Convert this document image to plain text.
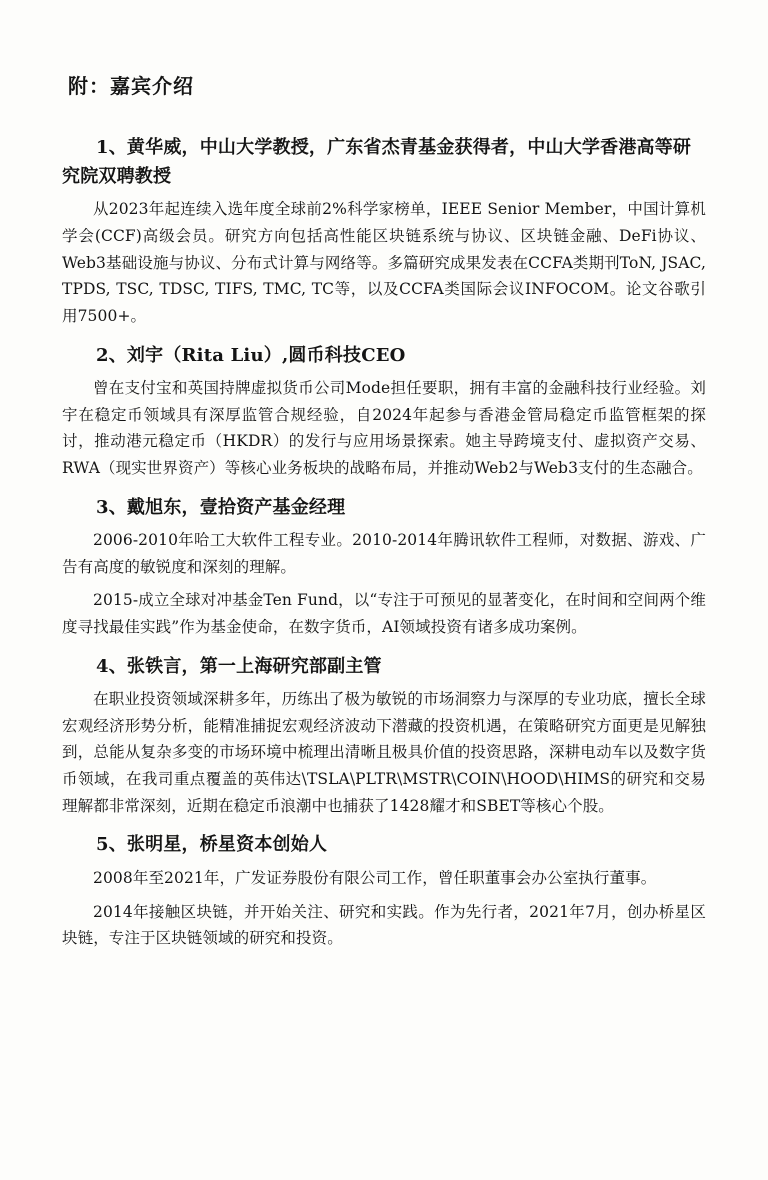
附：嘉宾介绍
1、黄华威，中山大学教授，广东省杰青基金获得者，中山大学香港高等研究院双聘教授

从2023年起连续入选年度全球前2%科学家榜单，IEEE Senior Member，中国计算机学会(CCF)高级会员。研究方向包括高性能区块链系统与协议、区块链金融、DeFi协议、Web3基础设施与协议、分布式计算与网络等。多篇研究成果发表在CCFA类期刊ToN, JSAC, TPDS, TSC, TDSC, TIFS, TMC, TC等，以及CCFA类国际会议INFOCOM。论文谷歌引用7500+。

2、刘宇（Rita Liu）,圆币科技CEO

曾在支付宝和英国持牌虚拟货币公司Mode担任要职，拥有丰富的金融科技行业经验。刘宇在稳定币领域具有深厚监管合规经验，自2024年起参与香港金管局稳定币监管框架的探讨，推动港元稳定币（HKDR）的发行与应用场景探索。她主导跨境支付、虚拟资产交易、RWA（现实世界资产）等核心业务板块的战略布局，并推动Web2与Web3支付的生态融合。

3、戴旭东，壹拾资产基金经理

2006-2010年哈工大软件工程专业。2010-2014年腾讯软件工程师，对数据、游戏、广告有高度的敏锐度和深刻的理解。

2015-成立全球对冲基金Ten Fund，以“专注于可预见的显著变化，在时间和空间两个维度寻找最佳实践”作为基金使命，在数字货币，AI领域投资有诸多成功案例。

4、张铁言，第一上海研究部副主管

在职业投资领域深耕多年，历练出了极为敏锐的市场洞察力与深厚的专业功底，擅长全球宏观经济形势分析，能精准捕捉宏观经济波动下潜藏的投资机遇，在策略研究方面更是见解独到，总能从复杂多变的市场环境中梳理出清晰且极具价值的投资思路，深耕电动车以及数字货币领域，在我司重点覆盖的英伟达\TSLA\PLTR\MSTR\COIN\HOOD\HIMS的研究和交易理解都非常深刻，近期在稳定币浪潮中也捕获了1428耀才和SBET等核心个股。

5、张明星，桥星资本创始人

2008年至2021年，广发证券股份有限公司工作，曾任职董事会办公室执行董事。

2014年接触区块链，并开始关注、研究和实践。作为先行者，2021年7月，创办桥星区块链，专注于区块链领域的研究和投资。
